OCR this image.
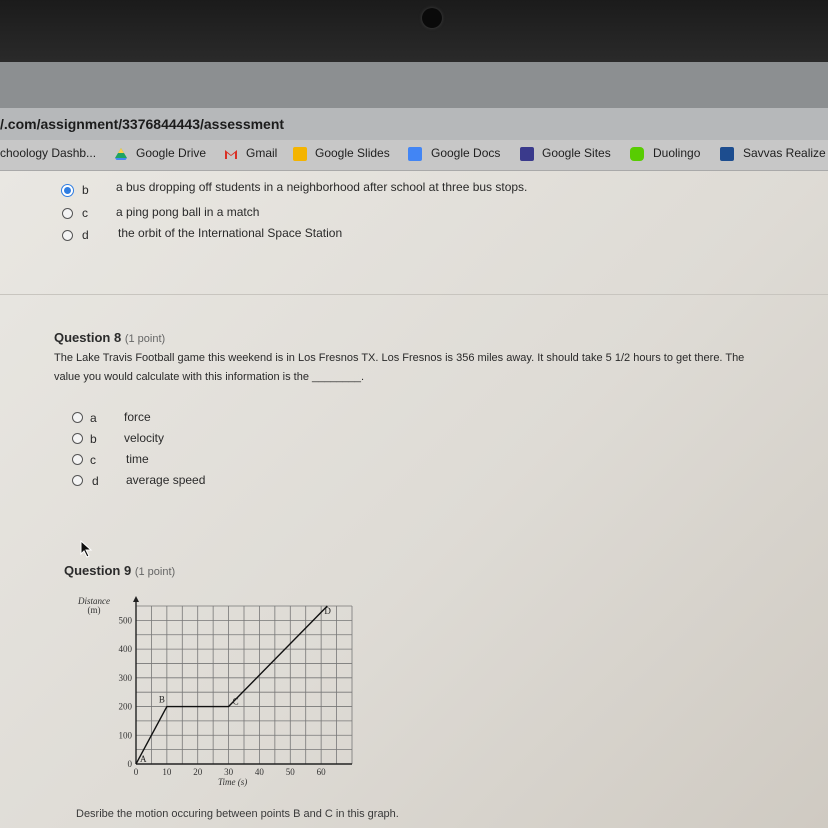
/.com/assignment/3376844443/assessment
choology Dashb...	Google Drive	Gmail	Google Slides	Google Docs	Google Sites	Duolingo	Savvas Realize
b a bus dropping off students in a neighborhood after school at three bus stops.
c a ping pong ball in a match
d the orbit of the International Space Station
Question 8 (1 point)
The Lake Travis Football game this weekend is in Los Fresnos TX. Los Fresnos is 356 miles away. It should take 5 1/2 hours to get there. The
value you would calculate with this information is the ________.
a force
b velocity
c	time
d average speed
Question 9 (1 point)
0	10 20 30 40 50 60
0
100
200
300
400
500
Distance
(m)
Time (s)
A
B	C
D
Desribe the motion occuring between points B and C in this graph.
